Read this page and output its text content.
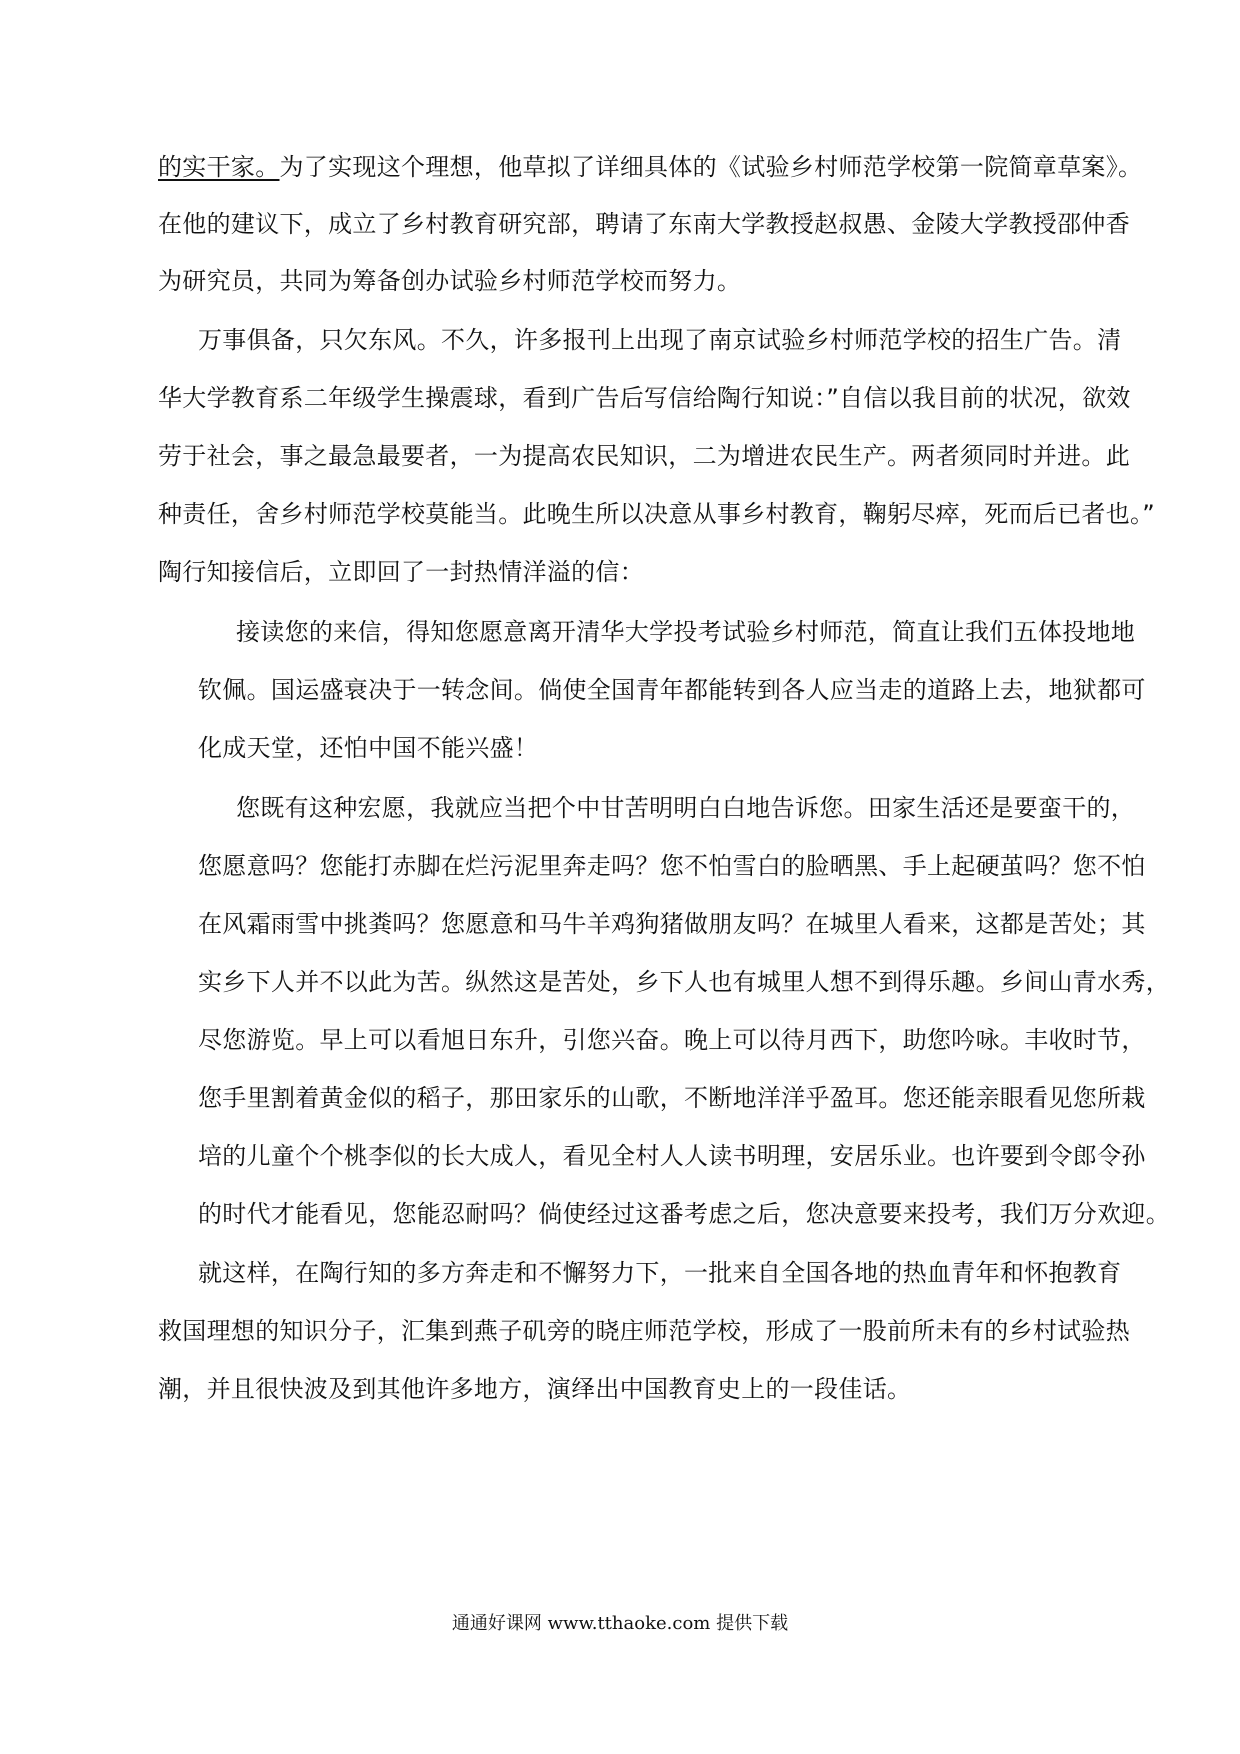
的实干家。为了实现这个理想，他草拟了详细具体的《试验乡村师范学校第一院简章草案》。
在他的建议下，成立了乡村教育研究部，聘请了东南大学教授赵叔愚、金陵大学教授邵仲香
为研究员，共同为筹备创办试验乡村师范学校而努力。
万事俱备，只欠东风。不久，许多报刊上出现了南京试验乡村师范学校的招生广告。清
华大学教育系二年级学生操震球，看到广告后写信给陶行知说：”自信以我目前的状况，欲效
劳于社会，事之最急最要者，一为提高农民知识，二为增进农民生产。两者须同时并进。此
种责任，舍乡村师范学校莫能当。此晚生所以决意从事乡村教育，鞠躬尽瘁，死而后已者也。”
陶行知接信后，立即回了一封热情洋溢的信：
接读您的来信，得知您愿意离开清华大学投考试验乡村师范，简直让我们五体投地地
钦佩。国运盛衰决于一转念间。倘使全国青年都能转到各人应当走的道路上去，地狱都可
化成天堂，还怕中国不能兴盛！
您既有这种宏愿，我就应当把个中甘苦明明白白地告诉您。田家生活还是要蛮干的，
您愿意吗？您能打赤脚在烂污泥里奔走吗？您不怕雪白的脸晒黑、手上起硬茧吗？您不怕
在风霜雨雪中挑粪吗？您愿意和马牛羊鸡狗猪做朋友吗？在城里人看来，这都是苦处；其
实乡下人并不以此为苦。纵然这是苦处，乡下人也有城里人想不到得乐趣。乡间山青水秀，
尽您游览。早上可以看旭日东升，引您兴奋。晚上可以待月西下，助您吟咏。丰收时节，
您手里割着黄金似的稻子，那田家乐的山歌，不断地洋洋乎盈耳。您还能亲眼看见您所栽
培的儿童个个桃李似的长大成人，看见全村人人读书明理，安居乐业。也许要到令郎令孙
的时代才能看见，您能忍耐吗？倘使经过这番考虑之后，您决意要来投考，我们万分欢迎。
就这样，在陶行知的多方奔走和不懈努力下，一批来自全国各地的热血青年和怀抱教育
救国理想的知识分子，汇集到燕子矶旁的晓庄师范学校，形成了一股前所未有的乡村试验热
潮，并且很快波及到其他许多地方，演绎出中国教育史上的一段佳话。
通通好课网 www.tthaoke.com 提供下载
